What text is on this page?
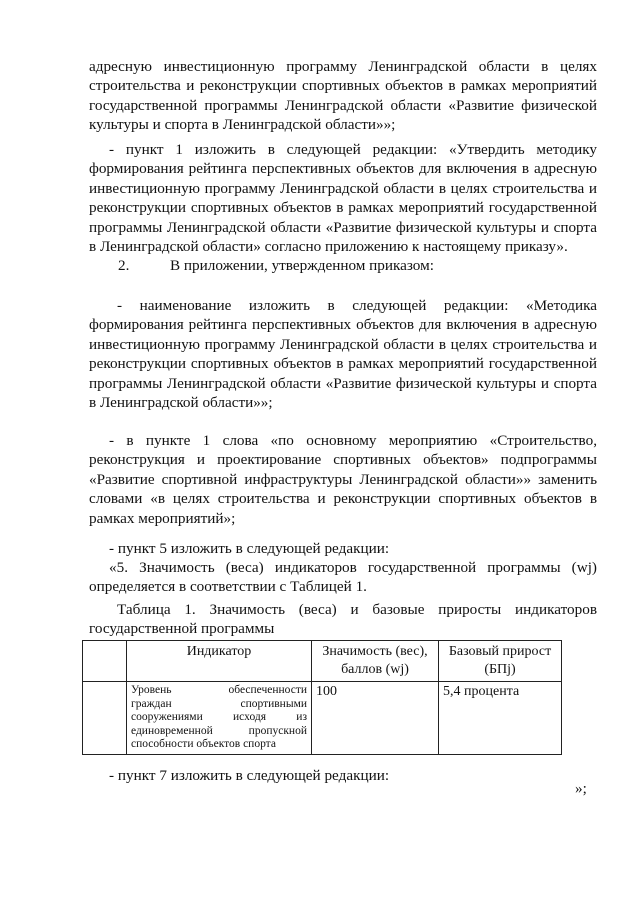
адресную инвестиционную программу Ленинградской области в целях
строительства и реконструкции спортивных объектов в рамках мероприятий
государственной программы Ленинградской области «Развитие физической
культуры и спорта в Ленинградской области»»;
- пункт 1 изложить в следующей редакции: «Утвердить методику
формирования рейтинга перспективных объектов для включения в адресную
инвестиционную программу Ленинградской области в целях строительства и
реконструкции спортивных объектов в рамках мероприятий государственной
программы Ленинградской области «Развитие физической культуры и спорта
в Ленинградской области» согласно приложению к настоящему приказу».
2.	В приложении, утвержденном приказом:
- наименование изложить в следующей редакции: «Методика
формирования рейтинга перспективных объектов для включения в адресную
инвестиционную программу Ленинградской области в целях строительства и
реконструкции спортивных объектов в рамках мероприятий государственной
программы Ленинградской области «Развитие физической культуры и спорта
в Ленинградской области»»;
- в пункте 1 слова «по основному мероприятию «Строительство,
реконструкция и проектирование спортивных объектов» подпрограммы
«Развитие спортивной инфраструктуры Ленинградской области»» заменить
словами «в целях строительства и реконструкции спортивных объектов в
рамках мероприятий»;
- пункт 5 изложить в следующей редакции:
«5. Значимость (веса) индикаторов государственной программы (wj)
определяется в соответствии с Таблицей 1.
Таблица 1. Значимость (веса) и базовые приросты индикаторов
государственной программы
	Индикатор	Значимость (вес), баллов (wj)	Базовый прирост (БПj)

	Уровень обеспеченности
граждан спортивными
сооружениями исходя из
единовременной пропускной
способности объектов спорта	100	5,4 процента
- пункт 7 изложить в следующей редакции:
»;
